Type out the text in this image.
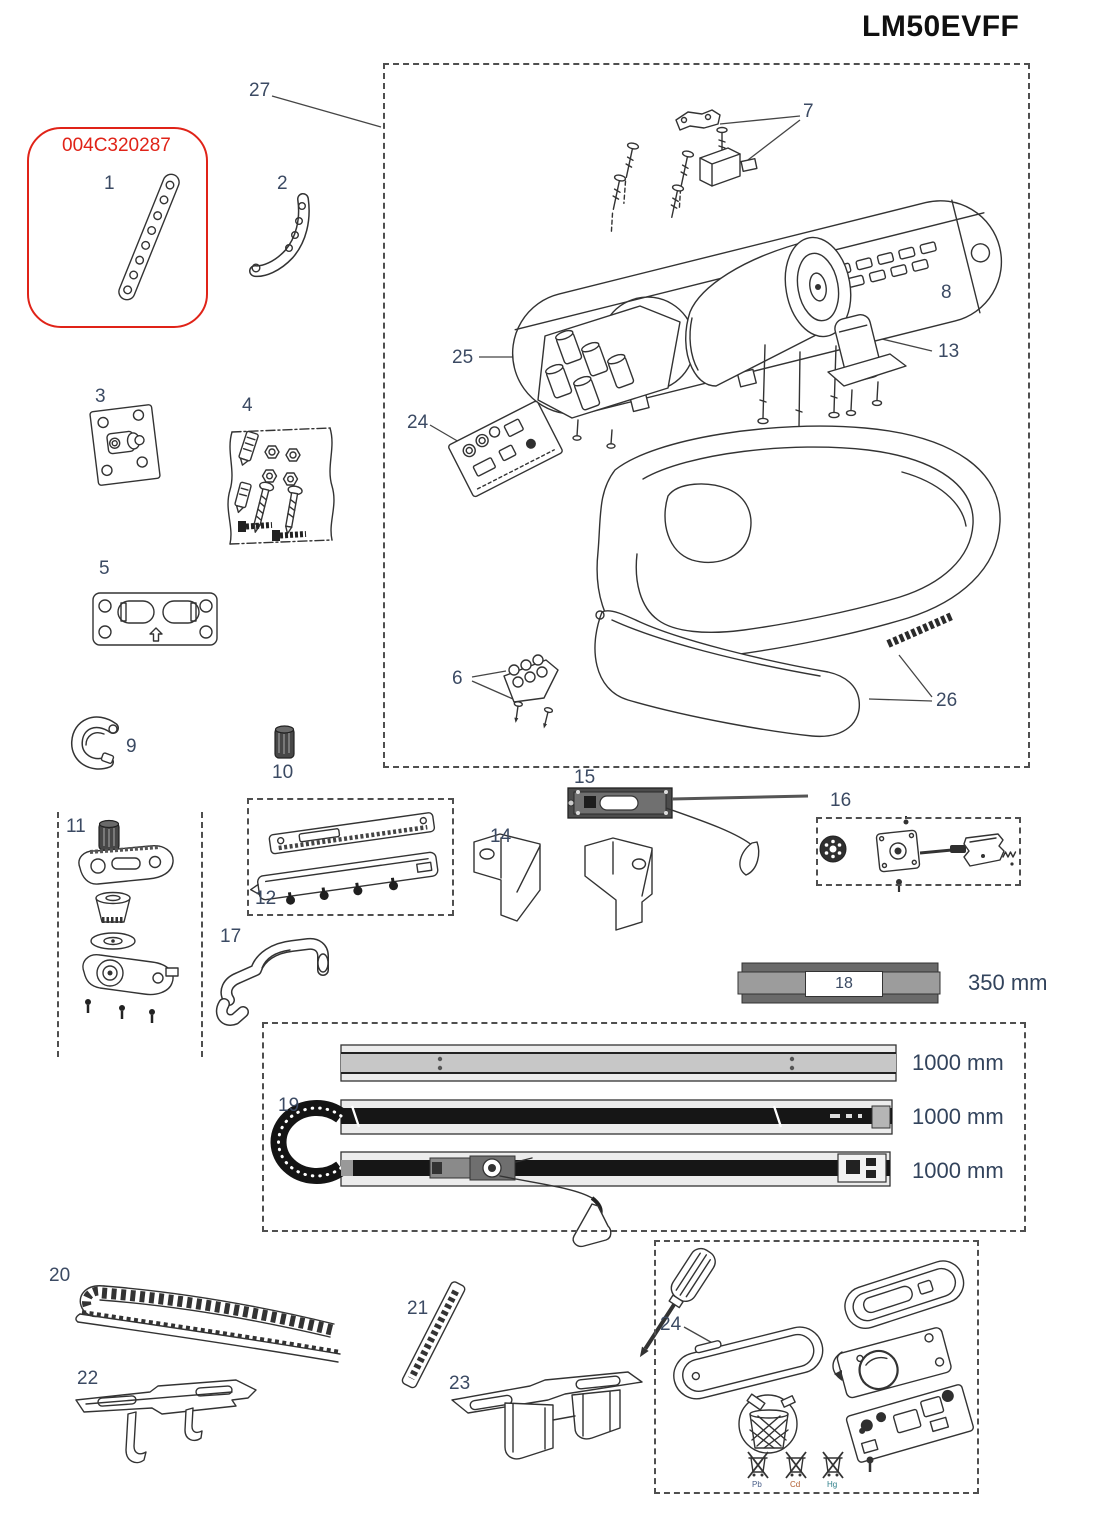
LM50EVFF
004C320287
1	2
3	4
5
6
7
8
9
10
11
12
13
14
15
16
17
19
20
21
22	23
24
24
25
26
27
18	350 mm
1000 mm
1000 mm
1000 mm
Pb	Cd	Hg
